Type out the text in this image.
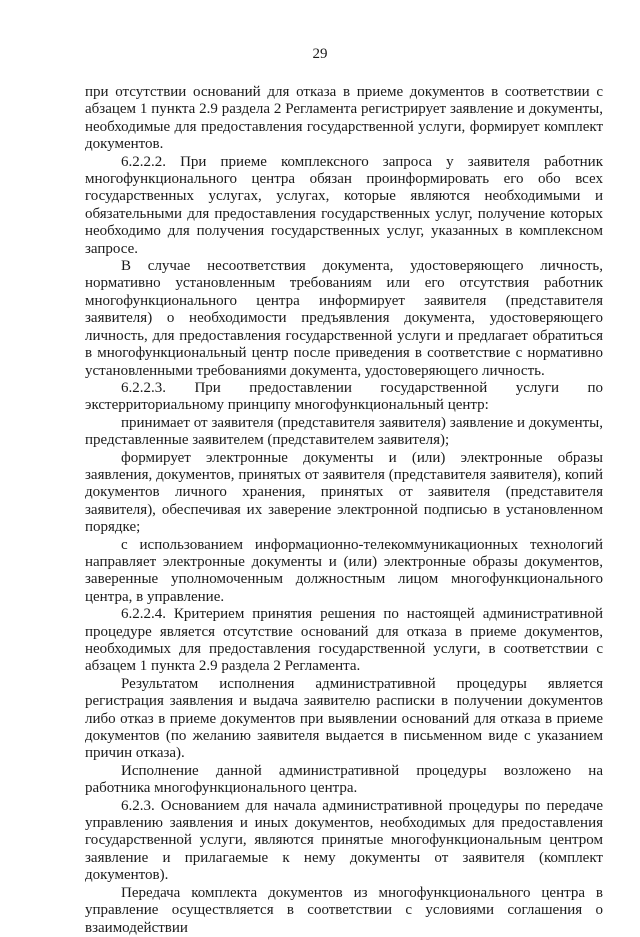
29

при отсутствии оснований для отказа в приеме документов в соответствии с абзацем 1 пункта 2.9 раздела 2 Регламента регистрирует заявление и документы, необходимые для предоставления государственной услуги, формирует комплект документов.

6.2.2.2. При приеме комплексного запроса у заявителя работник многофункционального центра обязан проинформировать его обо всех государственных услугах, услугах, которые являются необходимыми и обязательными для предоставления государственных услуг, получение которых необходимо для получения государственных услуг, указанных в комплексном запросе.

В случае несоответствия документа, удостоверяющего личность, нормативно установленным требованиям или его отсутствия работник многофункционального центра информирует заявителя (представителя заявителя) о необходимости предъявления документа, удостоверяющего личность, для предоставления государственной услуги и предлагает обратиться в многофункциональный центр после приведения в соответствие с нормативно установленными требованиями документа, удостоверяющего личность.

6.2.2.3. При предоставлении государственной услуги по экстерриториальному принципу многофункциональный центр:

принимает от заявителя (представителя заявителя) заявление и документы, представленные заявителем (представителем заявителя);

формирует электронные документы и (или) электронные образы заявления, документов, принятых от заявителя (представителя заявителя), копий документов личного хранения, принятых от заявителя (представителя заявителя), обеспечивая их заверение электронной подписью в установленном порядке;

с использованием информационно-телекоммуникационных технологий направляет электронные документы и (или) электронные образы документов, заверенные уполномоченным должностным лицом многофункционального центра, в управление.

6.2.2.4. Критерием принятия решения по настоящей административной процедуре является отсутствие оснований для отказа в приеме документов, необходимых для предоставления государственной услуги, в соответствии с абзацем 1 пункта 2.9 раздела 2 Регламента.

Результатом исполнения административной процедуры является регистрация заявления и выдача заявителю расписки в получении документов либо отказ в приеме документов при выявлении оснований для отказа в приеме документов (по желанию заявителя выдается в письменном виде с указанием причин отказа).

Исполнение данной административной процедуры возложено на работника многофункционального центра.

6.2.3. Основанием для начала административной процедуры по передаче управлению заявления и иных документов, необходимых для предоставления государственной услуги, являются принятые многофункциональным центром заявление и прилагаемые к нему документы от заявителя (комплект документов).

Передача комплекта документов из многофункционального центра в управление осуществляется в соответствии с условиями соглашения о взаимодействии
